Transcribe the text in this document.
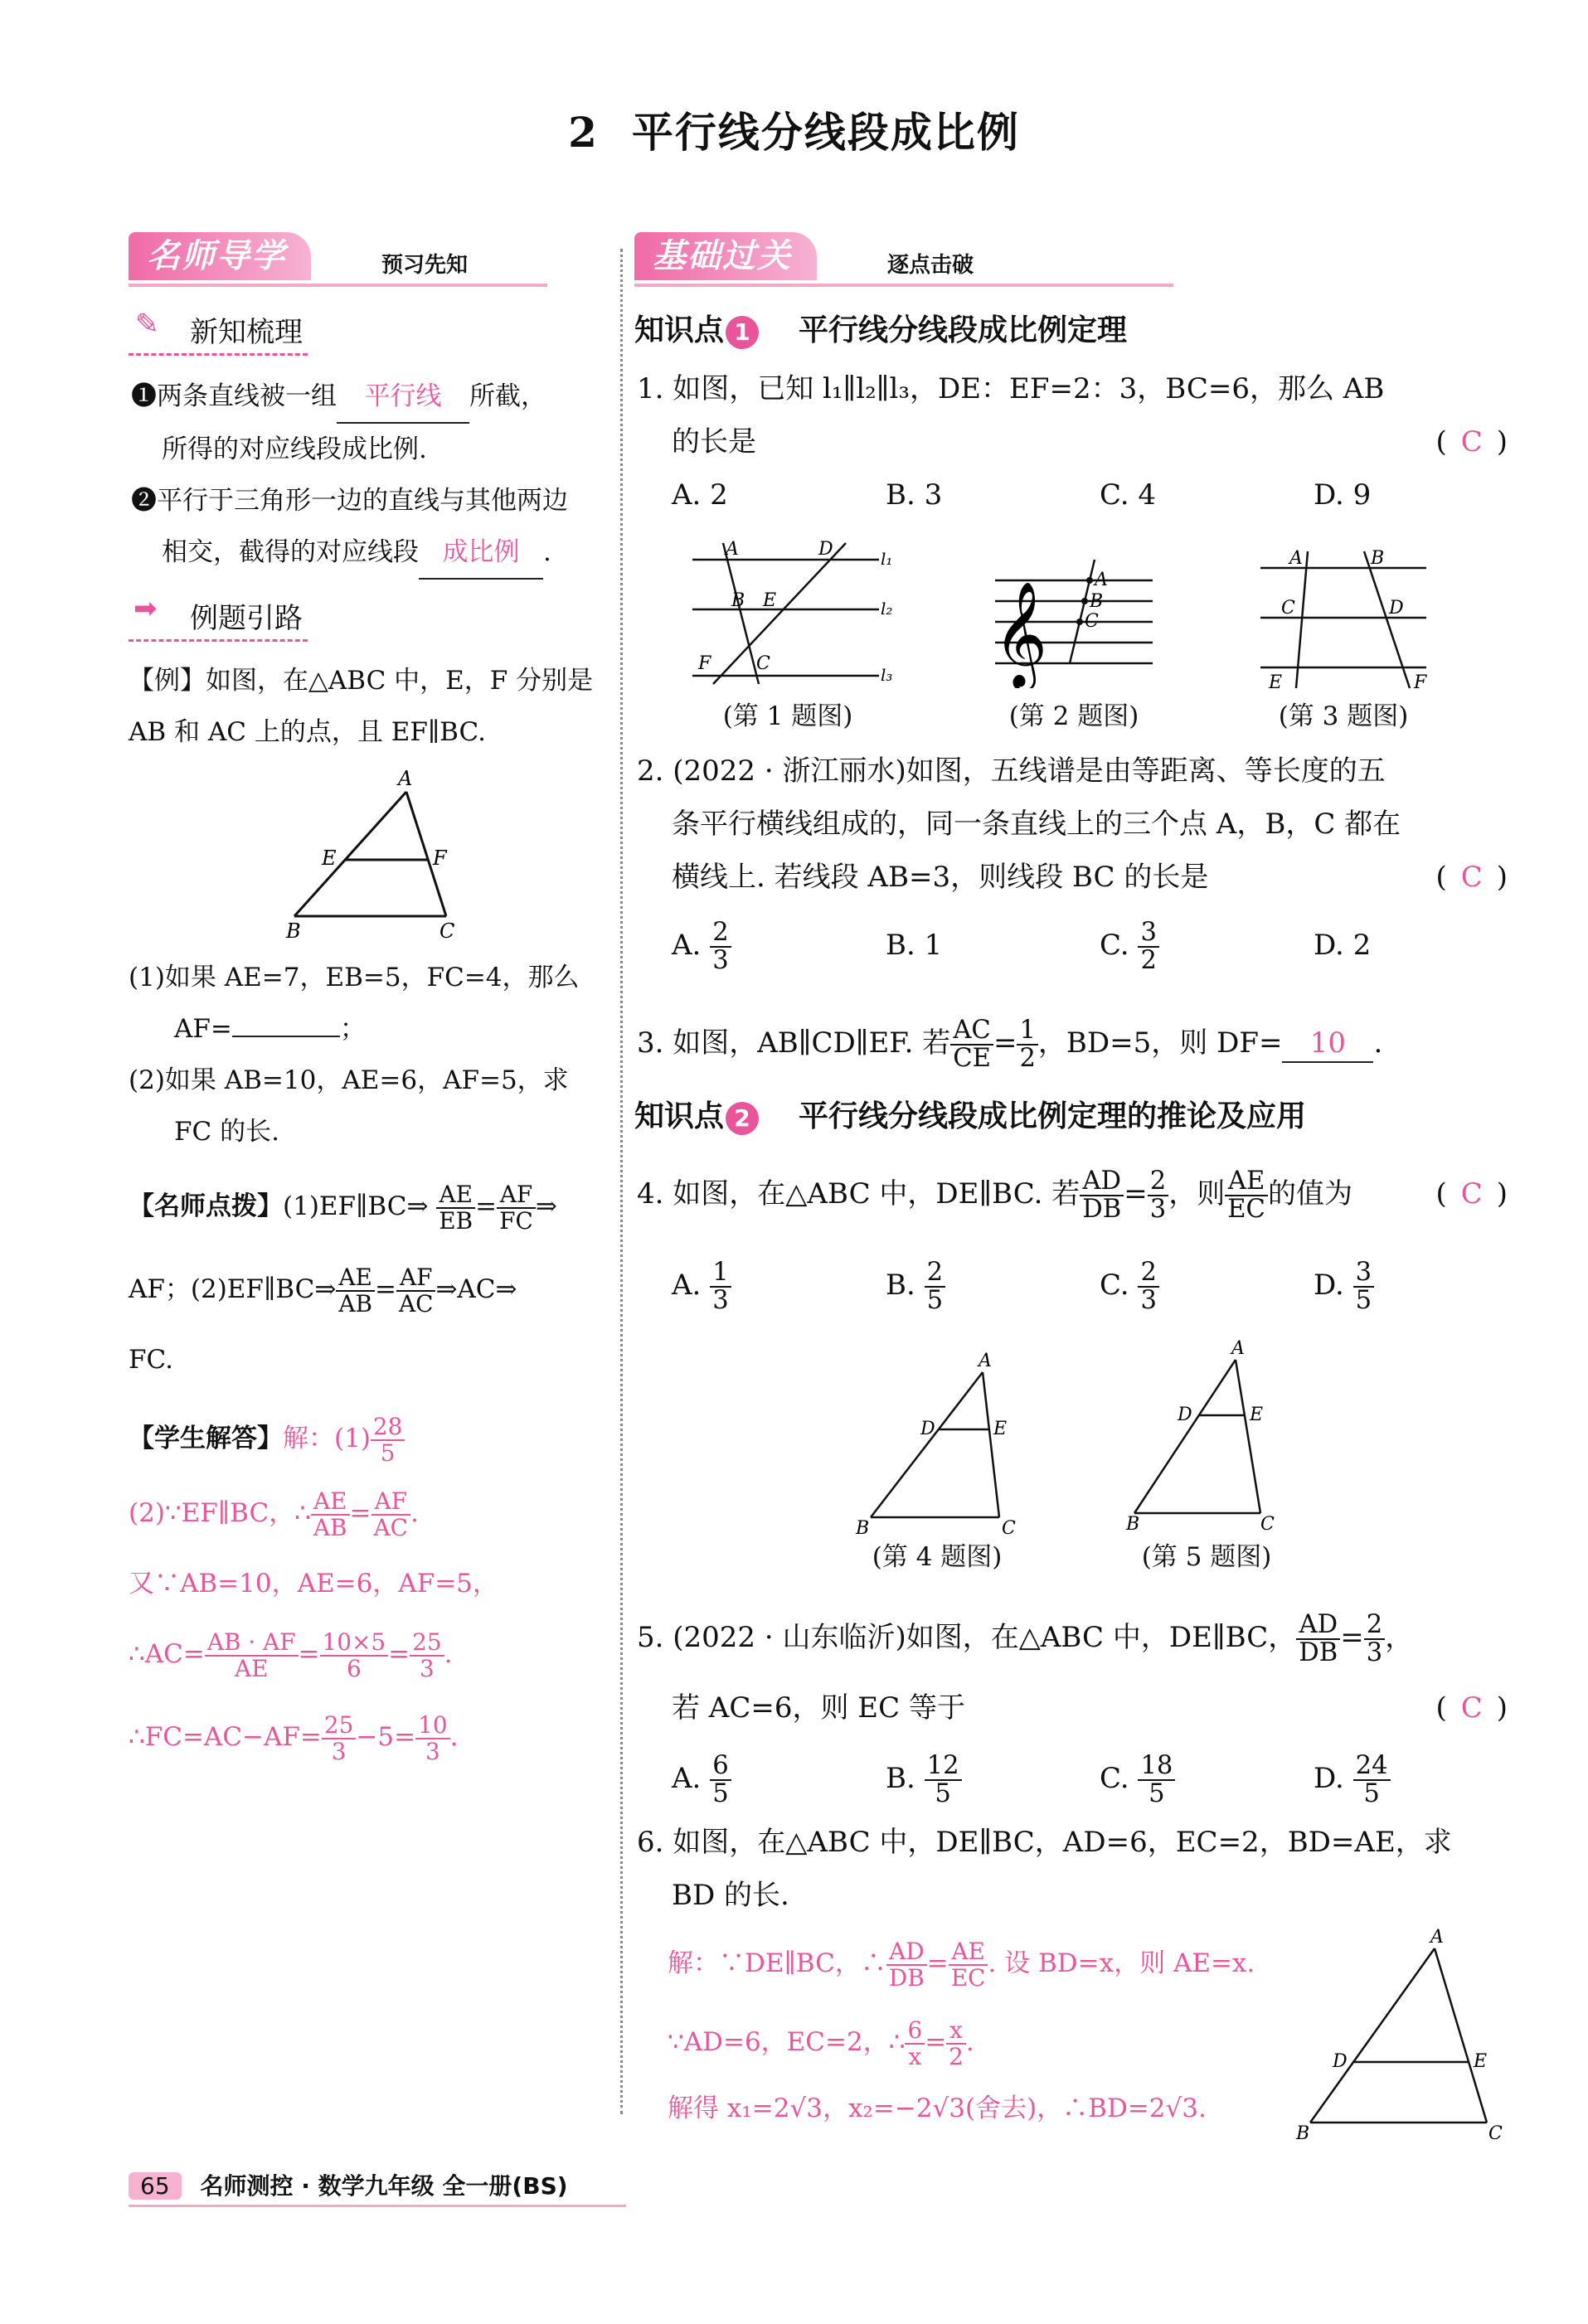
2 平行线分线段成比例
名师导学	预习先知
✎ 新知梳理
❶两条直线被一组 平行线 所截，
所得的对应线段成比例.
❷平行于三角形一边的直线与其他两边
相交，截得的对应线段 成比例 .
➡ 例题引路
【例】如图，在△ABC 中，E，F 分别是
AB 和 AC 上的点，且 EF∥BC.
A
E	F
B	C
(1)如果 AE=7，EB=5，FC=4，那么
AF=	；
(2)如果 AB=10，AE=6，AF=5，求
FC 的长.
【名师点拨】(1)EF∥BC⇒ $\frac{AE}{EB} = \frac{AF}{FC}$ ⇒
AF；(2)EF∥BC⇒ $\frac{AE}{AB} = \frac{AF}{AC}$ ⇒AC⇒
FC.
【学生解答】解：$(1) \frac{28}{5}$
(2)∵EF∥BC，∴ $\frac{AE}{AB} = \frac{AF}{AC}$ .
又∵AB=10，AE=6，AF=5，
∴AC= $\frac{AB \cdot AF}{AE} = \frac{10\times 5}{6} = \frac{25}{3}$ .
∴FC=AC−AF= $\frac{25}{3} -5= \frac{10}{3}$ .
基础过关	逐点击破
知识点 1 平行线分线段成比例定理
1. 如图，已知 l₁∥l₂∥l₃，DE：EF=2：3，BC=6，那么 AB
的长是	( C )
A. 2	B. 3	C. 4	D. 9
A	D	l₁
B E	l₂
F C
l₃
(第 1 题图)
𝄞
A
B
C
(第 2 题图)
A	B
C	D
E	F
(第 3 题图)
2. (2022 · 浙江丽水)如图，五线谱是由等距离、等长度的五
条平行横线组成的，同一条直线上的三个点 A，B，C 都在
横线上. 若线段 AB=3，则线段 BC 的长是	( C )
A. $\frac{2}{3}$	B. 1	C. $\frac{3}{2}$	D. 2
3. 如图，AB∥CD∥EF. 若 $\frac{AC}{CE} = \frac{1}{2}$ ，BD=5，则 DF= 10 .
知识点 2 平行线分线段成比例定理的推论及应用
4. 如图，在△ABC 中，DE∥BC. 若 $\frac{AD}{DB} = \frac{2}{3}$ ，则 $\frac{AE}{EC}$ 的值为	( C )
A. $\frac{1}{3}$	B. $\frac{2}{5}$	C. $\frac{2}{3}$	D. $\frac{3}{5}$
A
D	E
B	C
(第 4 题图)
A
D	E
B	C
(第 5 题图)
5. (2022 · 山东临沂)如图，在△ABC 中，DE∥BC， $\frac{AD}{DB} = \frac{2}{3}$ ，
若 AC=6，则 EC 等于	( C )
A. $\frac{6}{5}$	B. $\frac{12}{5}$	C. $\frac{18}{5}$	D. $\frac{24}{5}$
6. 如图，在△ABC 中，DE∥BC，AD=6，EC=2，BD=AE，求
BD 的长.
解：∵DE∥BC，∴ $\frac{AD}{DB} = \frac{AE}{EC}$ . 设 BD=x，则 AE=x.
∵AD=6，EC=2，∴ $\frac{6}{x} = \frac{x}{2}$ .
解得 x₁=2√3，x₂=−2√3(舍去)，∴BD=2√3.
A
D	E
B	C
65 名师测控 · 数学九年级 全一册(BS)
